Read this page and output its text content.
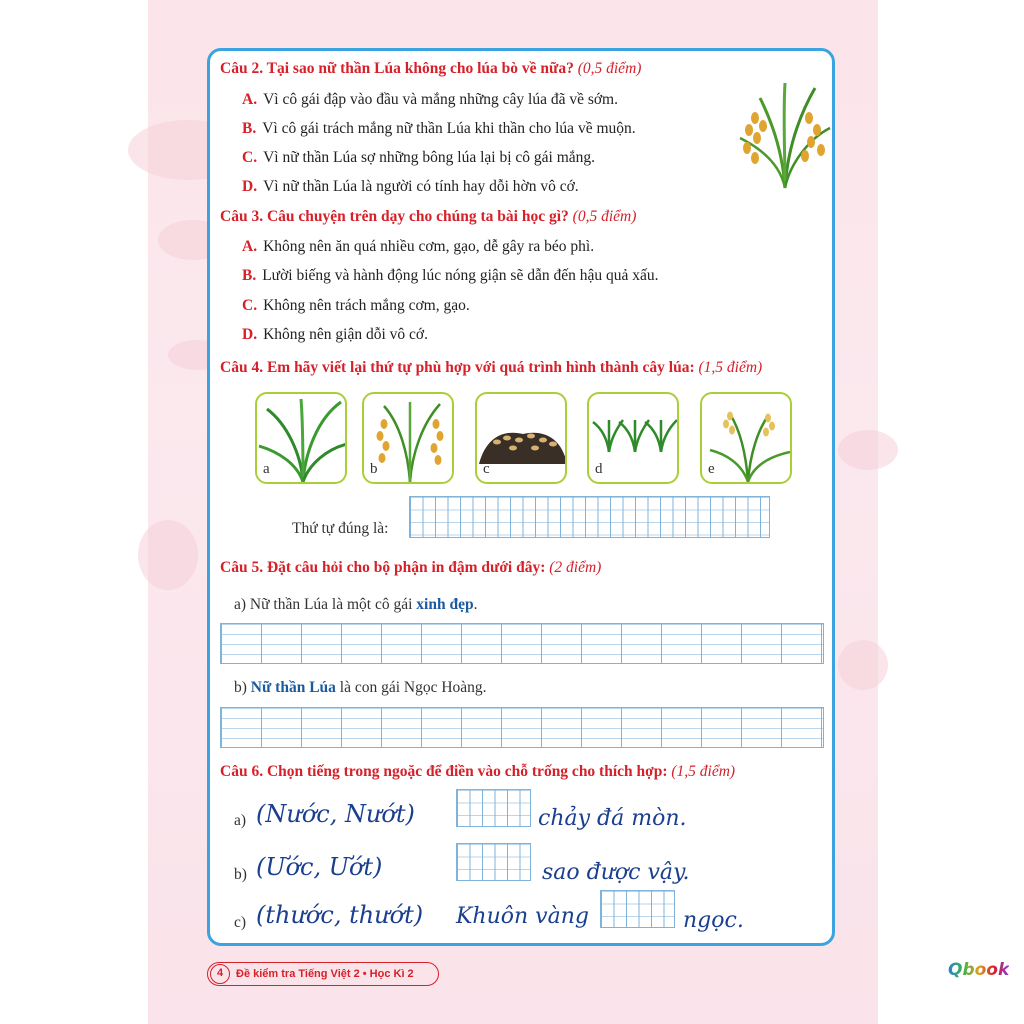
Câu 2. Tại sao nữ thần Lúa không cho lúa bò về nữa? (0,5 điểm)
A. Vì cô gái đập vào đầu và mắng những cây lúa đã về sớm.
B. Vì cô gái trách mắng nữ thần Lúa khi thần cho lúa về muộn.
C. Vì nữ thần Lúa sợ những bông lúa lại bị cô gái mắng.
D. Vì nữ thần Lúa là người có tính hay dỗi hờn vô cớ.
Câu 3. Câu chuyện trên dạy cho chúng ta bài học gì? (0,5 điểm)
A. Không nên ăn quá nhiều cơm, gạo, dễ gây ra béo phì.
B. Lười biếng và hành động lúc nóng giận sẽ dẫn đến hậu quả xấu.
C. Không nên trách mắng cơm, gạo.
D. Không nên giận dỗi vô cớ.
Câu 4. Em hãy viết lại thứ tự phù hợp với quá trình hình thành cây lúa: (1,5 điểm)
a	b	c	d	e
Thứ tự đúng là:
Câu 5. Đặt câu hỏi cho bộ phận in đậm dưới đây: (2 điểm)
a) Nữ thần Lúa là một cô gái xinh đẹp.
b) Nữ thần Lúa là con gái Ngọc Hoàng.
Câu 6. Chọn tiếng trong ngoặc để điền vào chỗ trống cho thích hợp: (1,5 điểm)
a) (Nước, Nướt)	chảy đá mòn.
b) (Ước, Ướt)	sao được vậy.
c) (thước, thướt) Khuôn vàng	ngọc.
4	Đề kiểm tra Tiếng Việt 2 • Học Kì 2	Qbook
